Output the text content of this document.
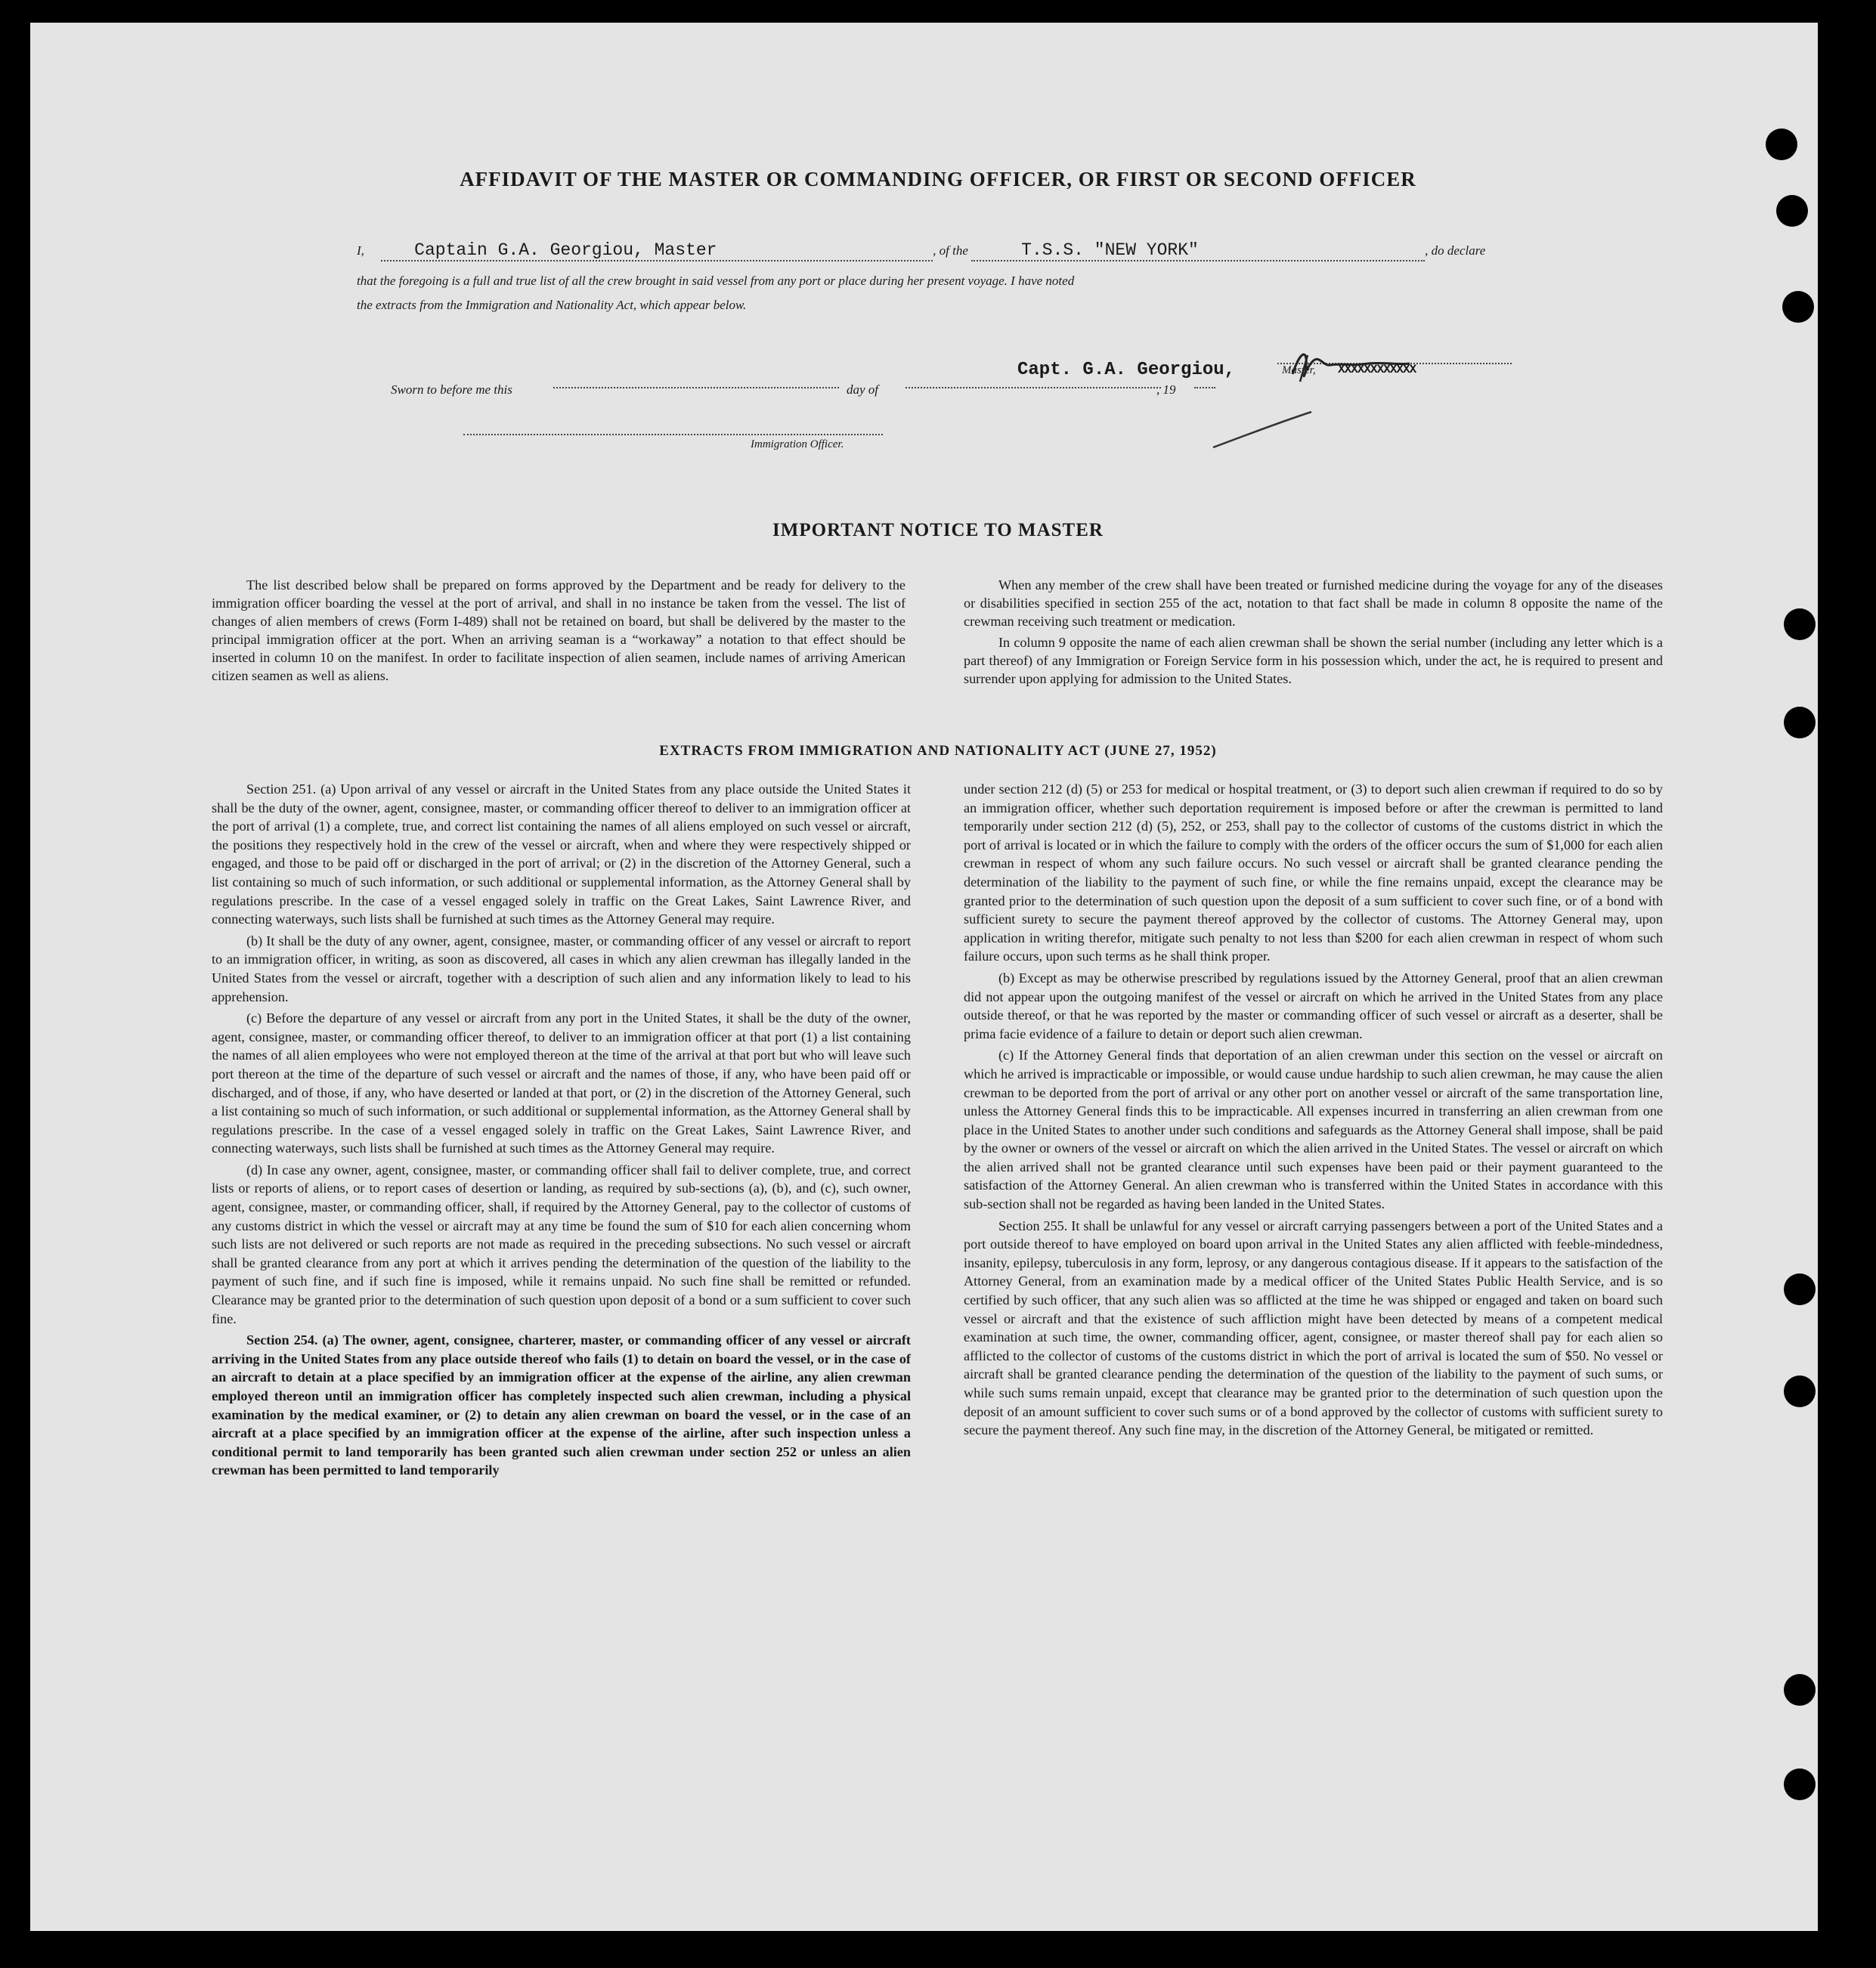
AFFIDAVIT OF THE MASTER OR COMMANDING OFFICER, OR FIRST OR SECOND OFFICER
I,	Captain G.A. Georgiou, Master	, of the	T.S.S. "NEW YORK"	, do declare
that the foregoing is a full and true list of all the crew brought in said vessel from any port or place during her present voyage. I have noted
the extracts from the Immigration and Nationality Act, which appear below.
Sworn to before me this	day of	, 19
Capt. G.A. Georgiou,	Master, XXXXXXXXXXXX
Immigration Officer.
IMPORTANT NOTICE TO MASTER

The list described below shall be prepared on forms approved by the Department and be ready for delivery to the immigration officer boarding the vessel at the port of arrival, and shall in no instance be taken from the vessel. The list of changes of alien members of crews (Form I-489) shall not be retained on board, but shall be delivered by the master to the principal immigration officer at the port. When an arriving seaman is a “workaway” a notation to that effect should be inserted in column 10 on the manifest. In order to facilitate inspection of alien seamen, include names of arriving American citizen seamen as well as aliens.

When any member of the crew shall have been treated or furnished medicine during the voyage for any of the diseases or disabilities specified in section 255 of the act, notation to that fact shall be made in column 8 opposite the name of the crewman receiving such treatment or medication.

In column 9 opposite the name of each alien crewman shall be shown the serial number (including any letter which is a part thereof) of any Immigration or Foreign Service form in his possession which, under the act, he is required to present and surrender upon applying for admission to the United States.

EXTRACTS FROM IMMIGRATION AND NATIONALITY ACT (JUNE 27, 1952)

Section 251. (a) Upon arrival of any vessel or aircraft in the United States from any place outside the United States it shall be the duty of the owner, agent, consignee, master, or commanding officer thereof to deliver to an immigration officer at the port of arrival (1) a complete, true, and correct list containing the names of all aliens employed on such vessel or aircraft, the positions they respectively hold in the crew of the vessel or aircraft, when and where they were respectively shipped or engaged, and those to be paid off or discharged in the port of arrival; or (2) in the discretion of the Attorney General, such a list containing so much of such information, or such additional or supplemental information, as the Attorney General shall by regulations prescribe. In the case of a vessel engaged solely in traffic on the Great Lakes, Saint Lawrence River, and connecting waterways, such lists shall be furnished at such times as the Attorney General may require.

(b) It shall be the duty of any owner, agent, consignee, master, or commanding officer of any vessel or aircraft to report to an immigration officer, in writing, as soon as discovered, all cases in which any alien crewman has illegally landed in the United States from the vessel or aircraft, together with a description of such alien and any information likely to lead to his apprehension.

(c) Before the departure of any vessel or aircraft from any port in the United States, it shall be the duty of the owner, agent, consignee, master, or commanding officer thereof, to deliver to an immigration officer at that port (1) a list containing the names of all alien employees who were not employed thereon at the time of the arrival at that port but who will leave such port thereon at the time of the departure of such vessel or aircraft and the names of those, if any, who have been paid off or discharged, and of those, if any, who have deserted or landed at that port, or (2) in the discretion of the Attorney General, such a list containing so much of such information, or such additional or supplemental information, as the Attorney General shall by regulations prescribe. In the case of a vessel engaged solely in traffic on the Great Lakes, Saint Lawrence River, and connecting waterways, such lists shall be furnished at such times as the Attorney General may require.

(d) In case any owner, agent, consignee, master, or commanding officer shall fail to deliver complete, true, and correct lists or reports of aliens, or to report cases of desertion or landing, as required by sub-sections (a), (b), and (c), such owner, agent, consignee, master, or commanding officer, shall, if required by the Attorney General, pay to the collector of customs of any customs district in which the vessel or aircraft may at any time be found the sum of $10 for each alien concerning whom such lists are not delivered or such reports are not made as required in the preceding subsections. No such vessel or aircraft shall be granted clearance from any port at which it arrives pending the determination of the question of the liability to the payment of such fine, and if such fine is imposed, while it remains unpaid. No such fine shall be remitted or refunded. Clearance may be granted prior to the determination of such question upon deposit of a bond or a sum sufficient to cover such fine.

Section 254. (a) The owner, agent, consignee, charterer, master, or commanding officer of any vessel or aircraft arriving in the United States from any place outside thereof who fails (1) to detain on board the vessel, or in the case of an aircraft to detain at a place specified by an immigration officer at the expense of the airline, any alien crewman employed thereon until an immigration officer has completely inspected such alien crewman, including a physical examination by the medical examiner, or (2) to detain any alien crewman on board the vessel, or in the case of an aircraft at a place specified by an immigration officer at the expense of the airline, after such inspection unless a conditional permit to land temporarily has been granted such alien crewman under section 252 or unless an alien crewman has been permitted to land temporarily

under section 212 (d) (5) or 253 for medical or hospital treatment, or (3) to deport such alien crewman if required to do so by an immigration officer, whether such deportation requirement is imposed before or after the crewman is permitted to land temporarily under section 212 (d) (5), 252, or 253, shall pay to the collector of customs of the customs district in which the port of arrival is located or in which the failure to comply with the orders of the officer occurs the sum of $1,000 for each alien crewman in respect of whom any such failure occurs. No such vessel or aircraft shall be granted clearance pending the determination of the liability to the payment of such fine, or while the fine remains unpaid, except the clearance may be granted prior to the determination of such question upon the deposit of a sum sufficient to cover such fine, or of a bond with sufficient surety to secure the payment thereof approved by the collector of customs. The Attorney General may, upon application in writing therefor, mitigate such penalty to not less than $200 for each alien crewman in respect of whom such failure occurs, upon such terms as he shall think proper.

(b) Except as may be otherwise prescribed by regulations issued by the Attorney General, proof that an alien crewman did not appear upon the outgoing manifest of the vessel or aircraft on which he arrived in the United States from any place outside thereof, or that he was reported by the master or commanding officer of such vessel or aircraft as a deserter, shall be prima facie evidence of a failure to detain or deport such alien crewman.

(c) If the Attorney General finds that deportation of an alien crewman under this section on the vessel or aircraft on which he arrived is impracticable or impossible, or would cause undue hardship to such alien crewman, he may cause the alien crewman to be deported from the port of arrival or any other port on another vessel or aircraft of the same transportation line, unless the Attorney General finds this to be impracticable. All expenses incurred in transferring an alien crewman from one place in the United States to another under such conditions and safeguards as the Attorney General shall impose, shall be paid by the owner or owners of the vessel or aircraft on which the alien arrived in the United States. The vessel or aircraft on which the alien arrived shall not be granted clearance until such expenses have been paid or their payment guaranteed to the satisfaction of the Attorney General. An alien crewman who is transferred within the United States in accordance with this sub-section shall not be regarded as having been landed in the United States.

Section 255. It shall be unlawful for any vessel or aircraft carrying passengers between a port of the United States and a port outside thereof to have employed on board upon arrival in the United States any alien afflicted with feeble-mindedness, insanity, epilepsy, tuberculosis in any form, leprosy, or any dangerous contagious disease. If it appears to the satisfaction of the Attorney General, from an examination made by a medical officer of the United States Public Health Service, and is so certified by such officer, that any such alien was so afflicted at the time he was shipped or engaged and taken on board such vessel or aircraft and that the existence of such affliction might have been detected by means of a competent medical examination at such time, the owner, commanding officer, agent, consignee, or master thereof shall pay for each alien so afflicted to the collector of customs of the customs district in which the port of arrival is located the sum of $50. No vessel or aircraft shall be granted clearance pending the determination of the question of the liability to the payment of such sums, or while such sums remain unpaid, except that clearance may be granted prior to the determination of such question upon the deposit of an amount sufficient to cover such sums or of a bond approved by the collector of customs with sufficient surety to secure the payment thereof. Any such fine may, in the discretion of the Attorney General, be mitigated or remitted.
